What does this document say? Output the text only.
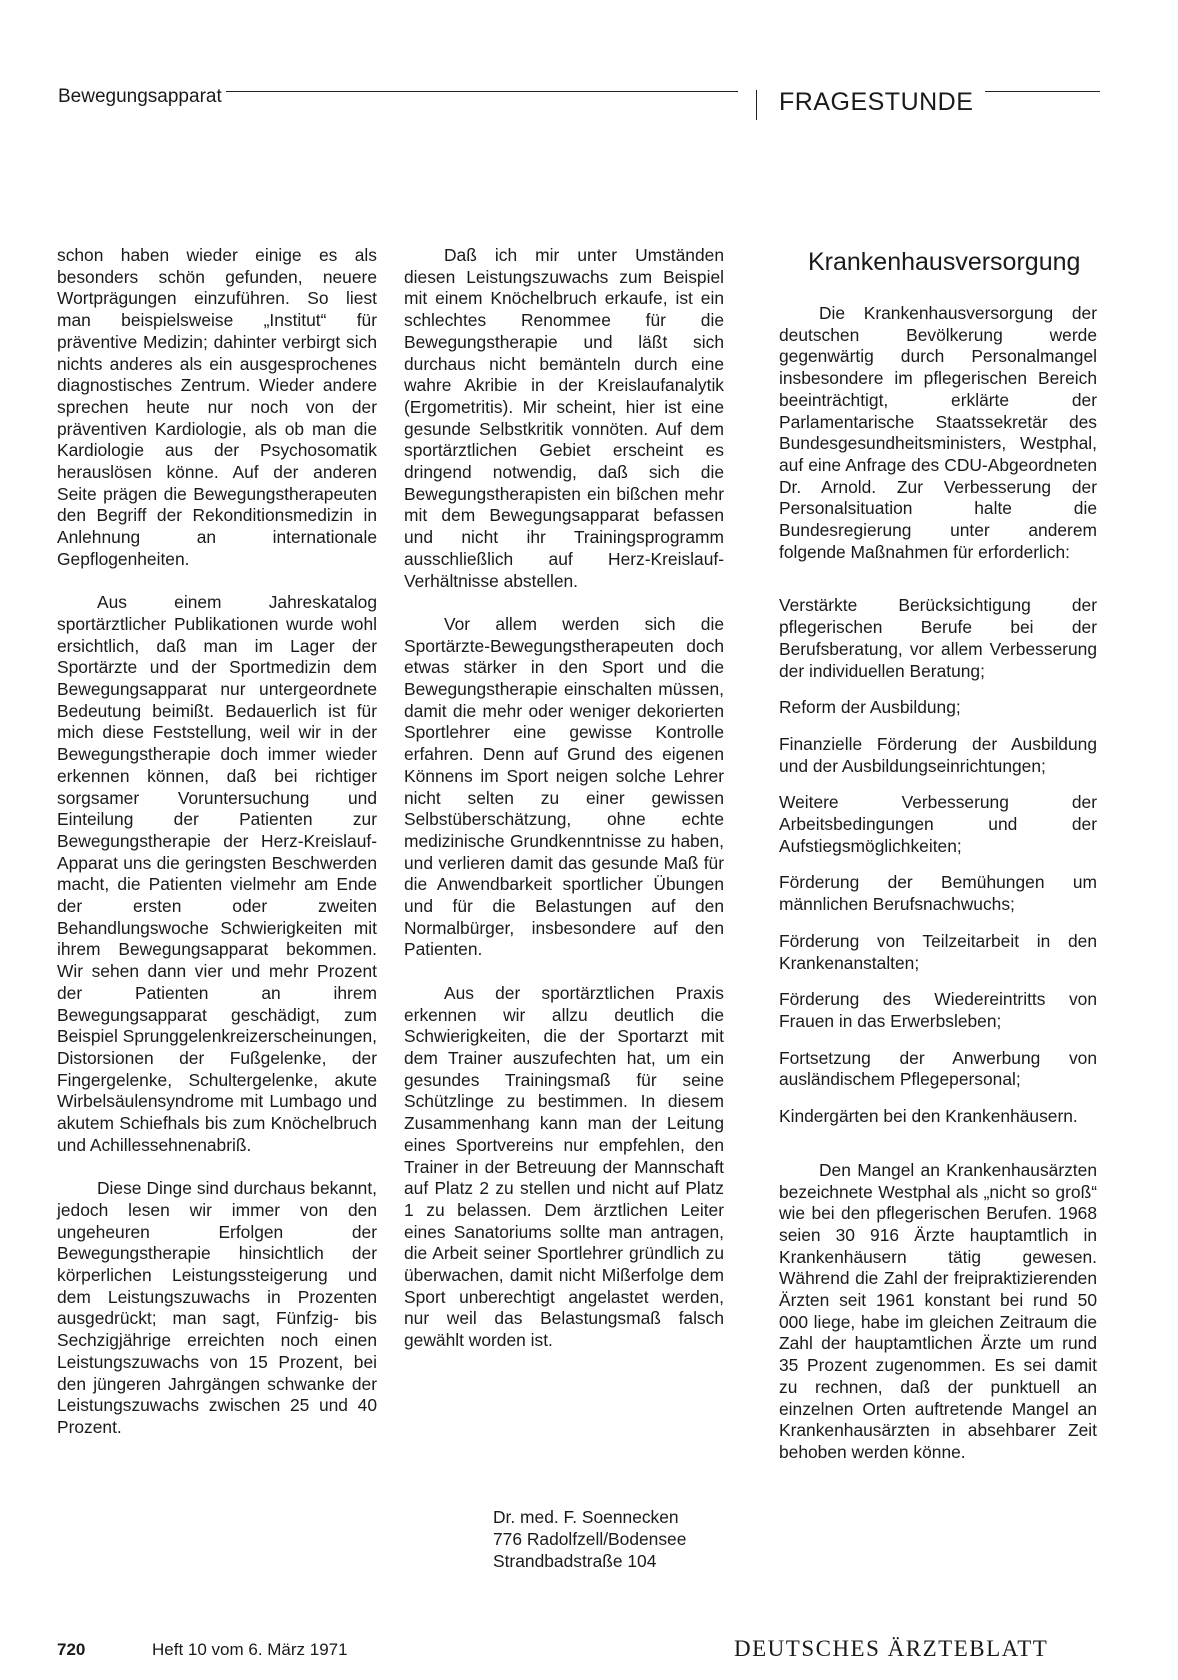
Bewegungsapparat	FRAGESTUNDE

schon haben wieder einige es als besonders schön gefunden, neuere Wortprägungen einzuführen. So liest man beispielsweise „Institut“ für präventive Medizin; dahinter verbirgt sich nichts anderes als ein ausgesprochenes diagnostisches Zentrum. Wieder andere sprechen heute nur noch von der präventiven Kardiologie, als ob man die Kardiologie aus der Psychosomatik herauslösen könne. Auf der anderen Seite prägen die Bewegungstherapeuten den Begriff der Rekonditionsmedizin in Anlehnung an internationale Gepflogenheiten.

Aus einem Jahreskatalog sportärztlicher Publikationen wurde wohl ersichtlich, daß man im Lager der Sportärzte und der Sportmedizin dem Bewegungsapparat nur untergeordnete Bedeutung beimißt. Bedauerlich ist für mich diese Feststellung, weil wir in der Bewegungstherapie doch immer wieder erkennen können, daß bei richtiger sorgsamer Voruntersuchung und Einteilung der Patienten zur Bewegungstherapie der Herz-Kreislauf-Apparat uns die geringsten Beschwerden macht, die Patienten vielmehr am Ende der ersten oder zweiten Behandlungswoche Schwierigkeiten mit ihrem Bewegungsapparat bekommen. Wir sehen dann vier und mehr Prozent der Patienten an ihrem Bewegungsapparat geschädigt, zum Beispiel Sprunggelenkreizerscheinungen, Distorsionen der Fußgelenke, der Fingergelenke, Schultergelenke, akute Wirbelsäulensyndrome mit Lumbago und akutem Schiefhals bis zum Knöchelbruch und Achillessehnenabriß.

Diese Dinge sind durchaus bekannt, jedoch lesen wir immer von den ungeheuren Erfolgen der Bewegungstherapie hinsichtlich der körperlichen Leistungssteigerung und dem Leistungszuwachs in Prozenten ausgedrückt; man sagt, Fünfzig- bis Sechzigjährige erreichten noch einen Leistungszuwachs von 15 Prozent, bei den jüngeren Jahrgängen schwanke der Leistungszuwachs zwischen 25 und 40 Prozent.

Daß ich mir unter Umständen diesen Leistungszuwachs zum Beispiel mit einem Knöchelbruch erkaufe, ist ein schlechtes Renommee für die Bewegungstherapie und läßt sich durchaus nicht bemänteln durch eine wahre Akribie in der Kreislaufanalytik (Ergometritis). Mir scheint, hier ist eine gesunde Selbstkritik vonnöten. Auf dem sportärztlichen Gebiet erscheint es dringend notwendig, daß sich die Bewegungstherapisten ein bißchen mehr mit dem Bewegungsapparat befassen und nicht ihr Trainingsprogramm ausschließlich auf Herz-Kreislauf-Verhältnisse abstellen.

Vor allem werden sich die Sportärzte-Bewegungstherapeuten doch etwas stärker in den Sport und die Bewegungstherapie einschalten müssen, damit die mehr oder weniger dekorierten Sportlehrer eine gewisse Kontrolle erfahren. Denn auf Grund des eigenen Könnens im Sport neigen solche Lehrer nicht selten zu einer gewissen Selbstüberschätzung, ohne echte medizinische Grundkenntnisse zu haben, und verlieren damit das gesunde Maß für die Anwendbarkeit sportlicher Übungen und für die Belastungen auf den Normalbürger, insbesondere auf den Patienten.

Aus der sportärztlichen Praxis erkennen wir allzu deutlich die Schwierigkeiten, die der Sportarzt mit dem Trainer auszufechten hat, um ein gesundes Trainingsmaß für seine Schützlinge zu bestimmen. In diesem Zusammenhang kann man der Leitung eines Sportvereins nur empfehlen, den Trainer in der Betreuung der Mannschaft auf Platz 2 zu stellen und nicht auf Platz 1 zu belassen. Dem ärztlichen Leiter eines Sanatoriums sollte man antragen, die Arbeit seiner Sportlehrer gründlich zu überwachen, damit nicht Mißerfolge dem Sport unberechtigt angelastet werden, nur weil das Belastungsmaß falsch gewählt worden ist.

Dr. med. F. Soennecken
776 Radolfzell/Bodensee
Strandbadstraße 104
Krankenhausversorgung

Die Krankenhausversorgung der deutschen Bevölkerung werde gegenwärtig durch Personalmangel insbesondere im pflegerischen Bereich beeinträchtigt, erklärte der Parlamentarische Staatssekretär des Bundesgesundheitsministers, Westphal, auf eine Anfrage des CDU-Abgeordneten Dr. Arnold. Zur Verbesserung der Personalsituation halte die Bundesregierung unter anderem folgende Maßnahmen für erforderlich:

Verstärkte Berücksichtigung der pflegerischen Berufe bei der Berufsberatung, vor allem Verbesserung der individuellen Beratung;

Reform der Ausbildung;

Finanzielle Förderung der Ausbildung und der Ausbildungseinrichtungen;

Weitere Verbesserung der Arbeitsbedingungen und der Aufstiegsmöglichkeiten;

Förderung der Bemühungen um männlichen Berufsnachwuchs;

Förderung von Teilzeitarbeit in den Krankenanstalten;

Förderung des Wiedereintritts von Frauen in das Erwerbsleben;

Fortsetzung der Anwerbung von ausländischem Pflegepersonal;

Kindergärten bei den Krankenhäusern.

Den Mangel an Krankenhausärzten bezeichnete Westphal als „nicht so groß“ wie bei den pflegerischen Berufen. 1968 seien 30 916 Ärzte hauptamtlich in Krankenhäusern tätig gewesen. Während die Zahl der freipraktizierenden Ärzten seit 1961 konstant bei rund 50 000 liege, habe im gleichen Zeitraum die Zahl der hauptamtlichen Ärzte um rund 35 Prozent zugenommen. Es sei damit zu rechnen, daß der punktuell an einzelnen Orten auftretende Mangel an Krankenhausärzten in absehbarer Zeit behoben werden könne.

720	Heft 10 vom 6. März 1971	DEUTSCHES ÄRZTEBLATT
